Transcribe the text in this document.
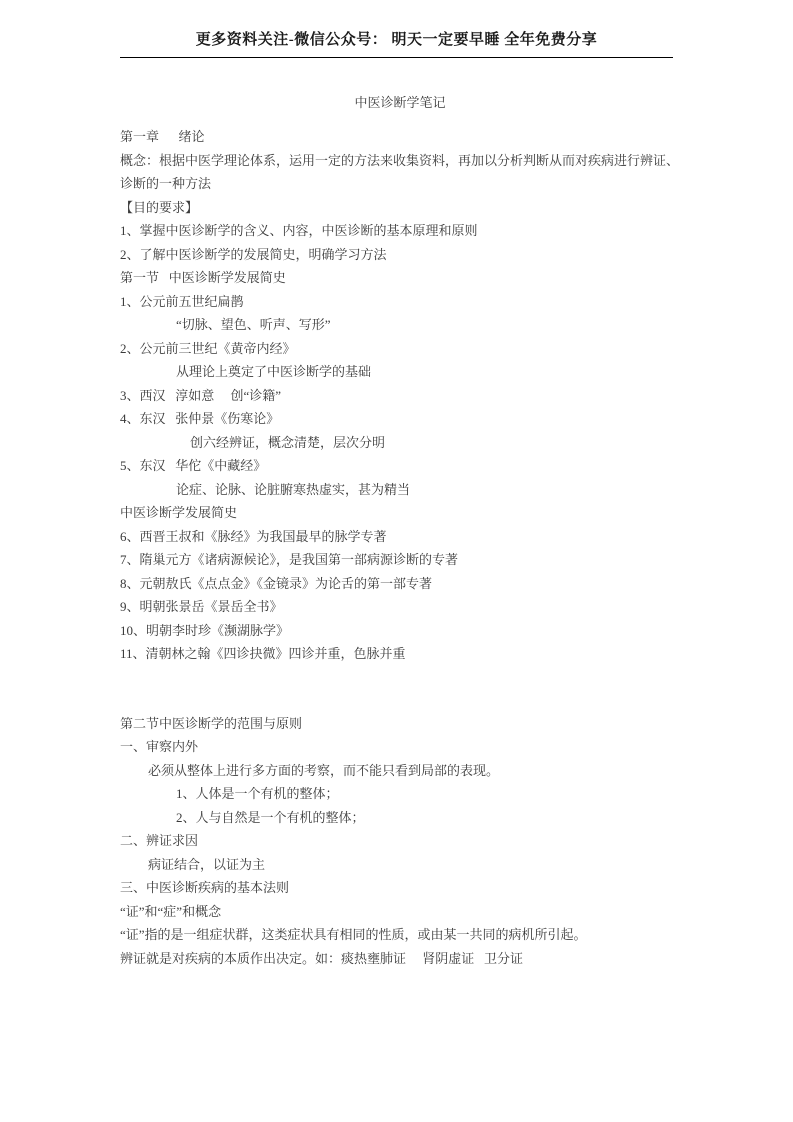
更多资料关注-微信公众号： 明天一定要早睡 全年免费分享
中医诊断学笔记
第一章      绪论
概念：根据中医学理论体系，运用一定的方法来收集资料，再加以分析判断从而对疾病进行辨证、诊断的一种方法
【目的要求】
1、掌握中医诊断学的含义、内容，中医诊断的基本原理和原则
2、了解中医诊断学的发展简史，明确学习方法
第一节   中医诊断学发展简史
1、公元前五世纪扁鹊
“切脉、望色、听声、写形”
2、公元前三世纪《黄帝内经》
从理论上奠定了中医诊断学的基础
3、西汉   淳如意     创“诊籍”
4、东汉   张仲景《伤寒论》
创六经辨证，概念清楚，层次分明
5、东汉   华佗《中藏经》
论症、论脉、论脏腑寒热虚实，甚为精当
中医诊断学发展简史
6、西晋王叔和《脉经》为我国最早的脉学专著
7、隋巢元方《诸病源候论》，是我国第一部病源诊断的专著
8、元朝敖氏《点点金》《金镜录》为论舌的第一部专著
9、明朝张景岳《景岳全书》
10、明朝李时珍《濒湖脉学》
11、清朝林之翰《四诊抉微》四诊并重，色脉并重
第二节中医诊断学的范围与原则
一、审察内外
必须从整体上进行多方面的考察，而不能只看到局部的表现。
1、人体是一个有机的整体；
2、人与自然是一个有机的整体；
二、辨证求因
病证结合，以证为主
三、中医诊断疾病的基本法则
“证”和“症”和概念
“证”指的是一组症状群，这类症状具有相同的性质，或由某一共同的病机所引起。
辨证就是对疾病的本质作出决定。如：痰热壅肺证     肾阴虚证   卫分证
